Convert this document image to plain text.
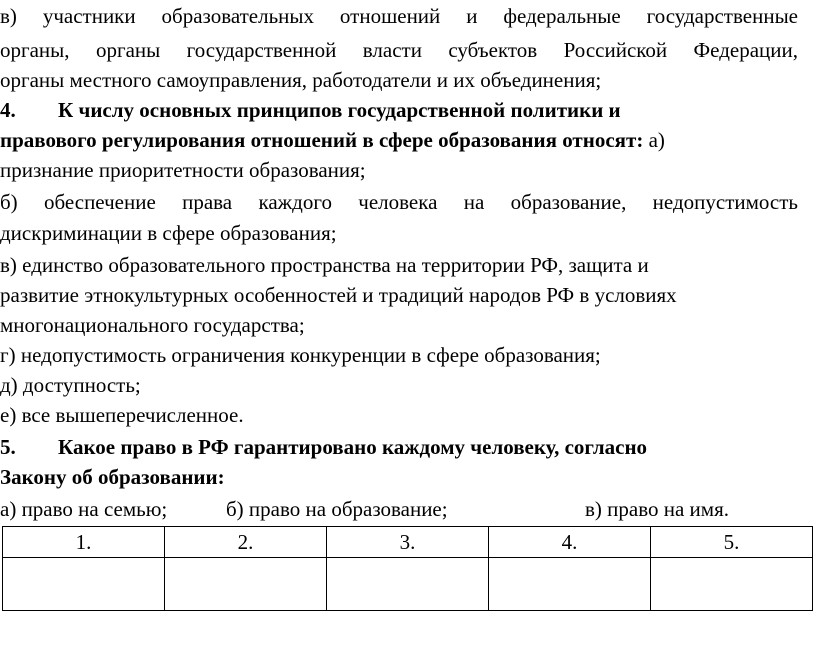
в) участники образовательных отношений и федеральные государственные
органы, органы государственной власти субъектов Российской Федерации,
органы местного самоуправления, работодатели и их объединения;
4. К числу основных принципов государственной политики и
правового регулирования отношений в сфере образования относят: а)
признание приоритетности образования;
б) обеспечение права каждого человека на образование, недопустимость
дискриминации в сфере образования;
в) единство образовательного пространства на территории РФ, защита и
развитие этнокультурных особенностей и традиций народов РФ в условиях
многонационального государства;
г) недопустимость ограничения конкуренции в сфере образования;
д) доступность;
е) все вышеперечисленное.
5. Какое право в РФ гарантировано каждому человеку, согласно
Закону об образовании:
а) право на семью;	б) право на образование;	в) право на имя.
1.	2.	3.	4.	5.
